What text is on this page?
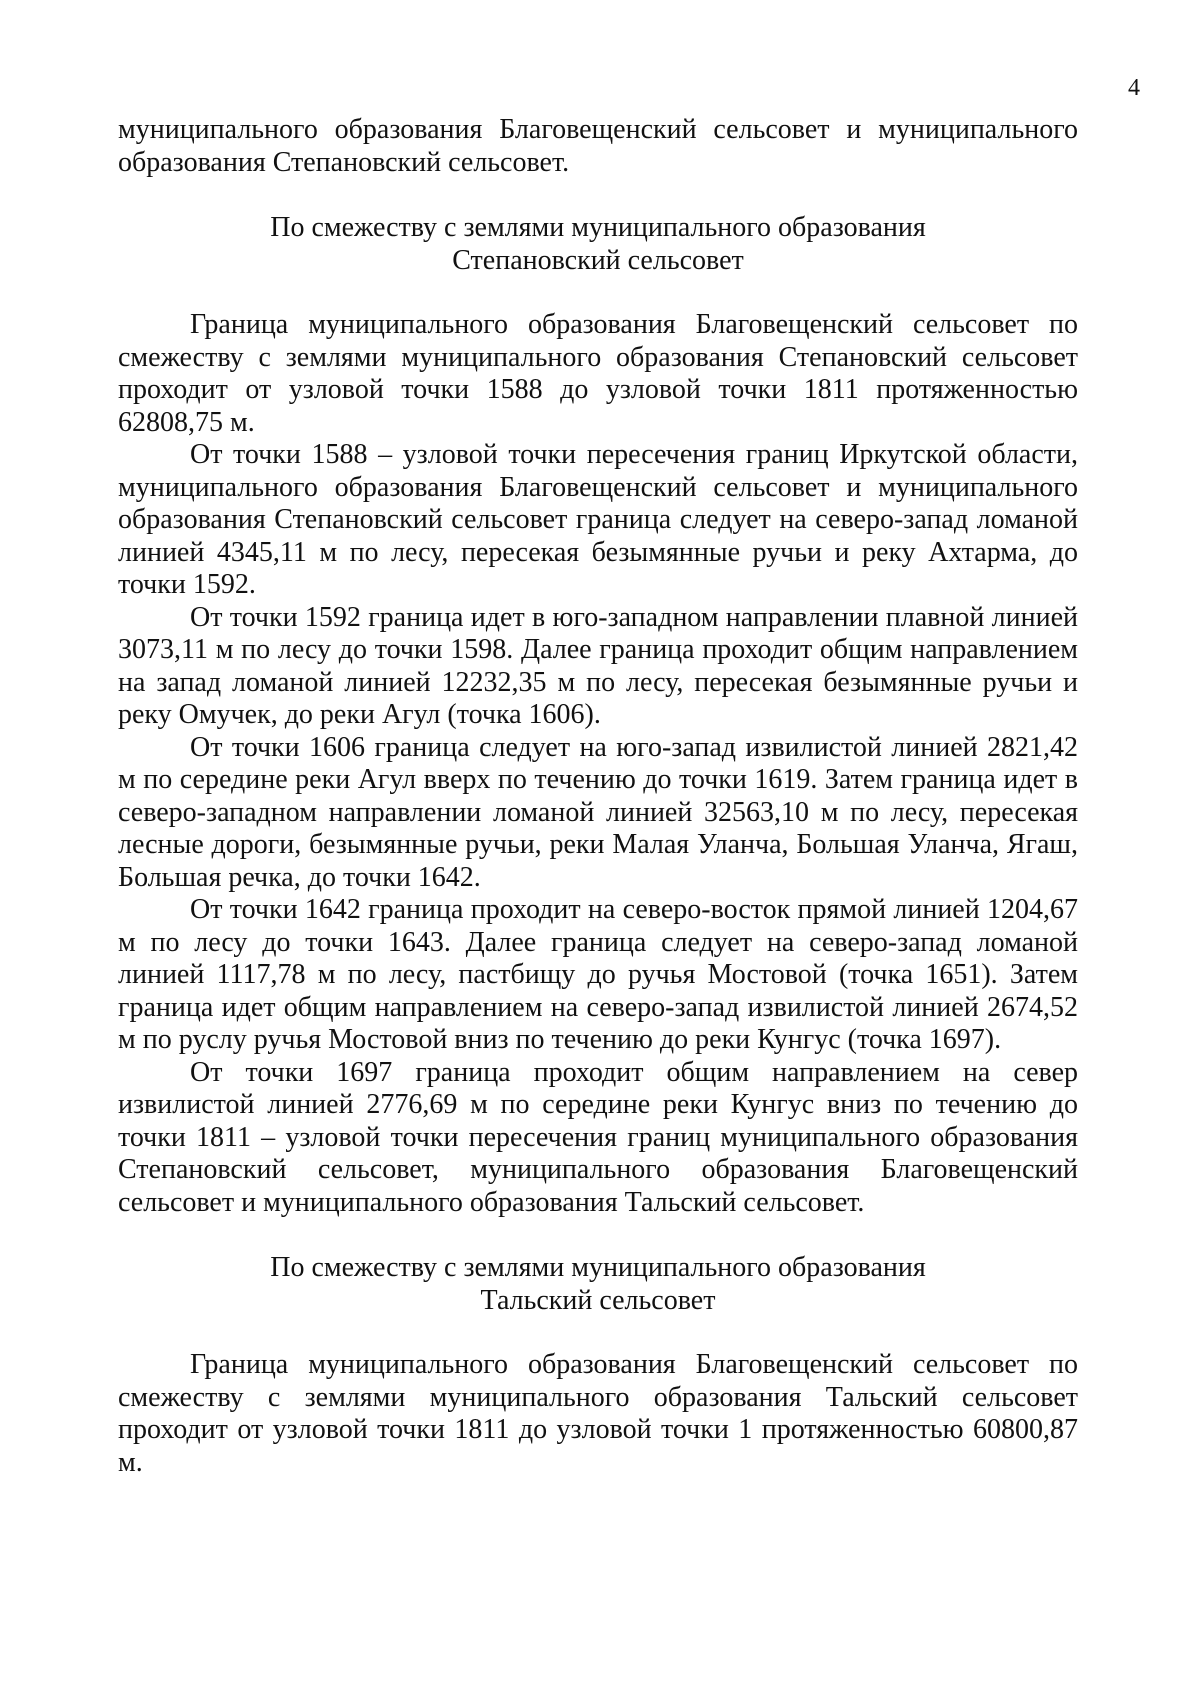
4

муниципального образования Благовещенский сельсовет и муниципального образования Степановский сельсовет.

По смежеству с землями муниципального образования
Степановский сельсовет

Граница муниципального образования Благовещенский сельсовет по смежеству с землями муниципального образования Степановский сельсовет проходит от узловой точки 1588 до узловой точки 1811 протяженностью 62808,75 м.

От точки 1588 – узловой точки пересечения границ Иркутской области, муниципального образования Благовещенский сельсовет и муниципального образования Степановский сельсовет граница следует на северо-запад ломаной линией 4345,11 м по лесу, пересекая безымянные ручьи и реку Ахтарма, до точки 1592.

От точки 1592 граница идет в юго-западном направлении плавной линией 3073,11 м по лесу до точки 1598. Далее граница проходит общим направлением на запад ломаной линией 12232,35 м по лесу, пересекая безымянные ручьи и реку Омучек, до реки Агул (точка 1606).

От точки 1606 граница следует на юго-запад извилистой линией 2821,42 м по середине реки Агул вверх по течению до точки 1619. Затем граница идет в северо-западном направлении ломаной линией 32563,10 м по лесу, пересекая лесные дороги, безымянные ручьи, реки Малая Уланча, Большая Уланча, Ягаш, Большая речка, до точки 1642.

От точки 1642 граница проходит на северо-восток прямой линией 1204,67 м по лесу до точки 1643. Далее граница следует на северо-запад ломаной линией 1117,78 м по лесу, пастбищу до ручья Мостовой (точка 1651). Затем граница идет общим направлением на северо-запад извилистой линией 2674,52 м по руслу ручья Мостовой вниз по течению до реки Кунгус (точка 1697).

От точки 1697 граница проходит общим направлением на север извилистой линией 2776,69 м по середине реки Кунгус вниз по течению до точки 1811 – узловой точки пересечения границ муниципального образования Степановский сельсовет, муниципального образования Благовещенский сельсовет и муниципального образования Тальский сельсовет.

По смежеству с землями муниципального образования
Тальский сельсовет

Граница муниципального образования Благовещенский сельсовет по смежеству с землями муниципального образования Тальский сельсовет проходит от узловой точки 1811 до узловой точки 1 протяженностью 60800,87 м.
